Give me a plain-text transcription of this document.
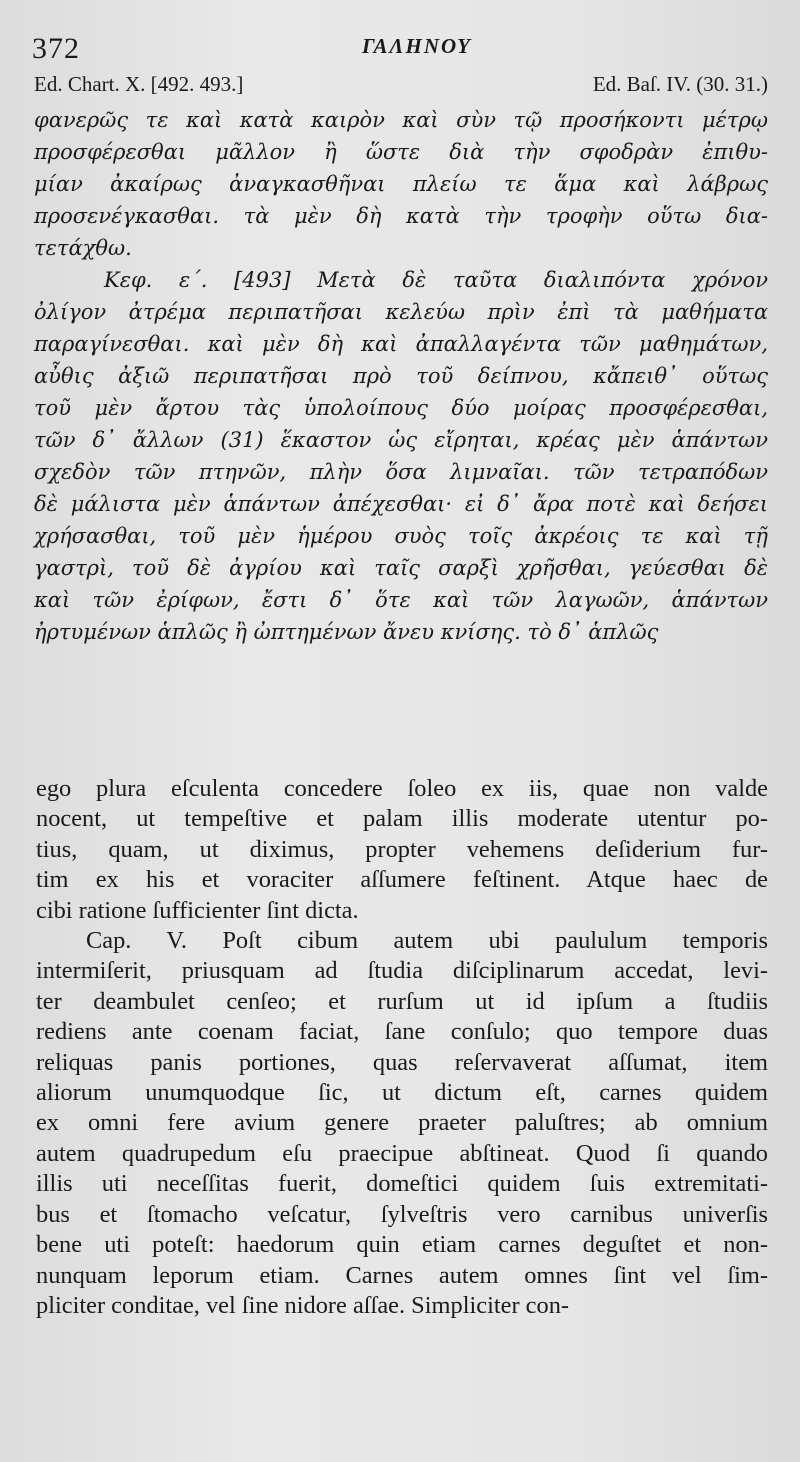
372	ΓΑΛΗΝΟΥ
Ed. Chart. X. [492. 493.]	Ed. Baſ. IV. (30. 31.)
φανερῶς τε καὶ κατὰ καιρὸν καὶ σὺν τῷ προσήκοντι μέτρῳ
προσφέρεσθαι μᾶλλον ἢ ὥστε διὰ τὴν σφοδρὰν ἐπιθυ-
μίαν ἀκαίρως ἀναγκασθῆναι πλείω τε ἅμα καὶ λάβρως
προσενέγκασθαι. τὰ μὲν δὴ κατὰ τὴν τροφὴν οὕτω δια-
τετάχθω.
Κεφ. ε΄. [493] Μετὰ δὲ ταῦτα διαλιπόντα χρόνον
ὀλίγον ἀτρέμα περιπατῆσαι κελεύω πρὶν ἐπὶ τὰ μαθήματα
παραγίνεσθαι. καὶ μὲν δὴ καὶ ἀπαλλαγέντα τῶν μαθημάτων,
αὖθις ἀξιῶ περιπατῆσαι πρὸ τοῦ δείπνου, κἄπειθ᾽ οὕτως
τοῦ μὲν ἄρτου τὰς ὑπολοίπους δύο μοίρας προσφέρεσθαι,
τῶν δ᾽ ἄλλων (31) ἕκαστον ὡς εἴρηται, κρέας μὲν ἁπάντων
σχεδὸν τῶν πτηνῶν, πλὴν ὅσα λιμναῖαι. τῶν τετραπόδων
δὲ μάλιστα μὲν ἁπάντων ἀπέχεσθαι· εἰ δ᾽ ἄρα ποτὲ καὶ δεήσει
χρήσασθαι, τοῦ μὲν ἡμέρου συὸς τοῖς ἀκρέοις τε καὶ τῇ
γαστρὶ, τοῦ δὲ ἀγρίου καὶ ταῖς σαρξὶ χρῆσθαι, γεύεσθαι δὲ
καὶ τῶν ἐρίφων, ἔστι δ᾽ ὅτε καὶ τῶν λαγωῶν, ἁπάντων
ἠρτυμένων ἁπλῶς ἢ ὠπτημένων ἄνευ κνίσης. τὸ δ᾽ ἁπλῶς
ego plura eſculenta concedere ſoleo ex iis, quae non valde
nocent, ut tempeſtive et palam illis moderate utentur po-
tius, quam, ut diximus, propter vehemens deſiderium fur-
tim ex his et voraciter aſſumere feſtinent. Atque haec de
cibi ratione ſufficienter ſint dicta.
Cap. V. Poſt cibum autem ubi paululum temporis
intermiſerit, priusquam ad ſtudia diſciplinarum accedat, levi-
ter deambulet cenſeo; et rurſum ut id ipſum a ſtudiis
rediens ante coenam faciat, ſane conſulo; quo tempore duas
reliquas panis portiones, quas reſervaverat aſſumat, item
aliorum unumquodque ſic, ut dictum eſt, carnes quidem
ex omni fere avium genere praeter paluſtres; ab omnium
autem quadrupedum eſu praecipue abſtineat. Quod ſi quando
illis uti neceſſitas fuerit, domeſtici quidem ſuis extremitati-
bus et ſtomacho veſcatur, ſylveſtris vero carnibus univerſis
bene uti poteſt: haedorum quin etiam carnes deguſtet et non-
nunquam leporum etiam. Carnes autem omnes ſint vel ſim-
pliciter conditae, vel ſine nidore aſſae. Simpliciter con-
